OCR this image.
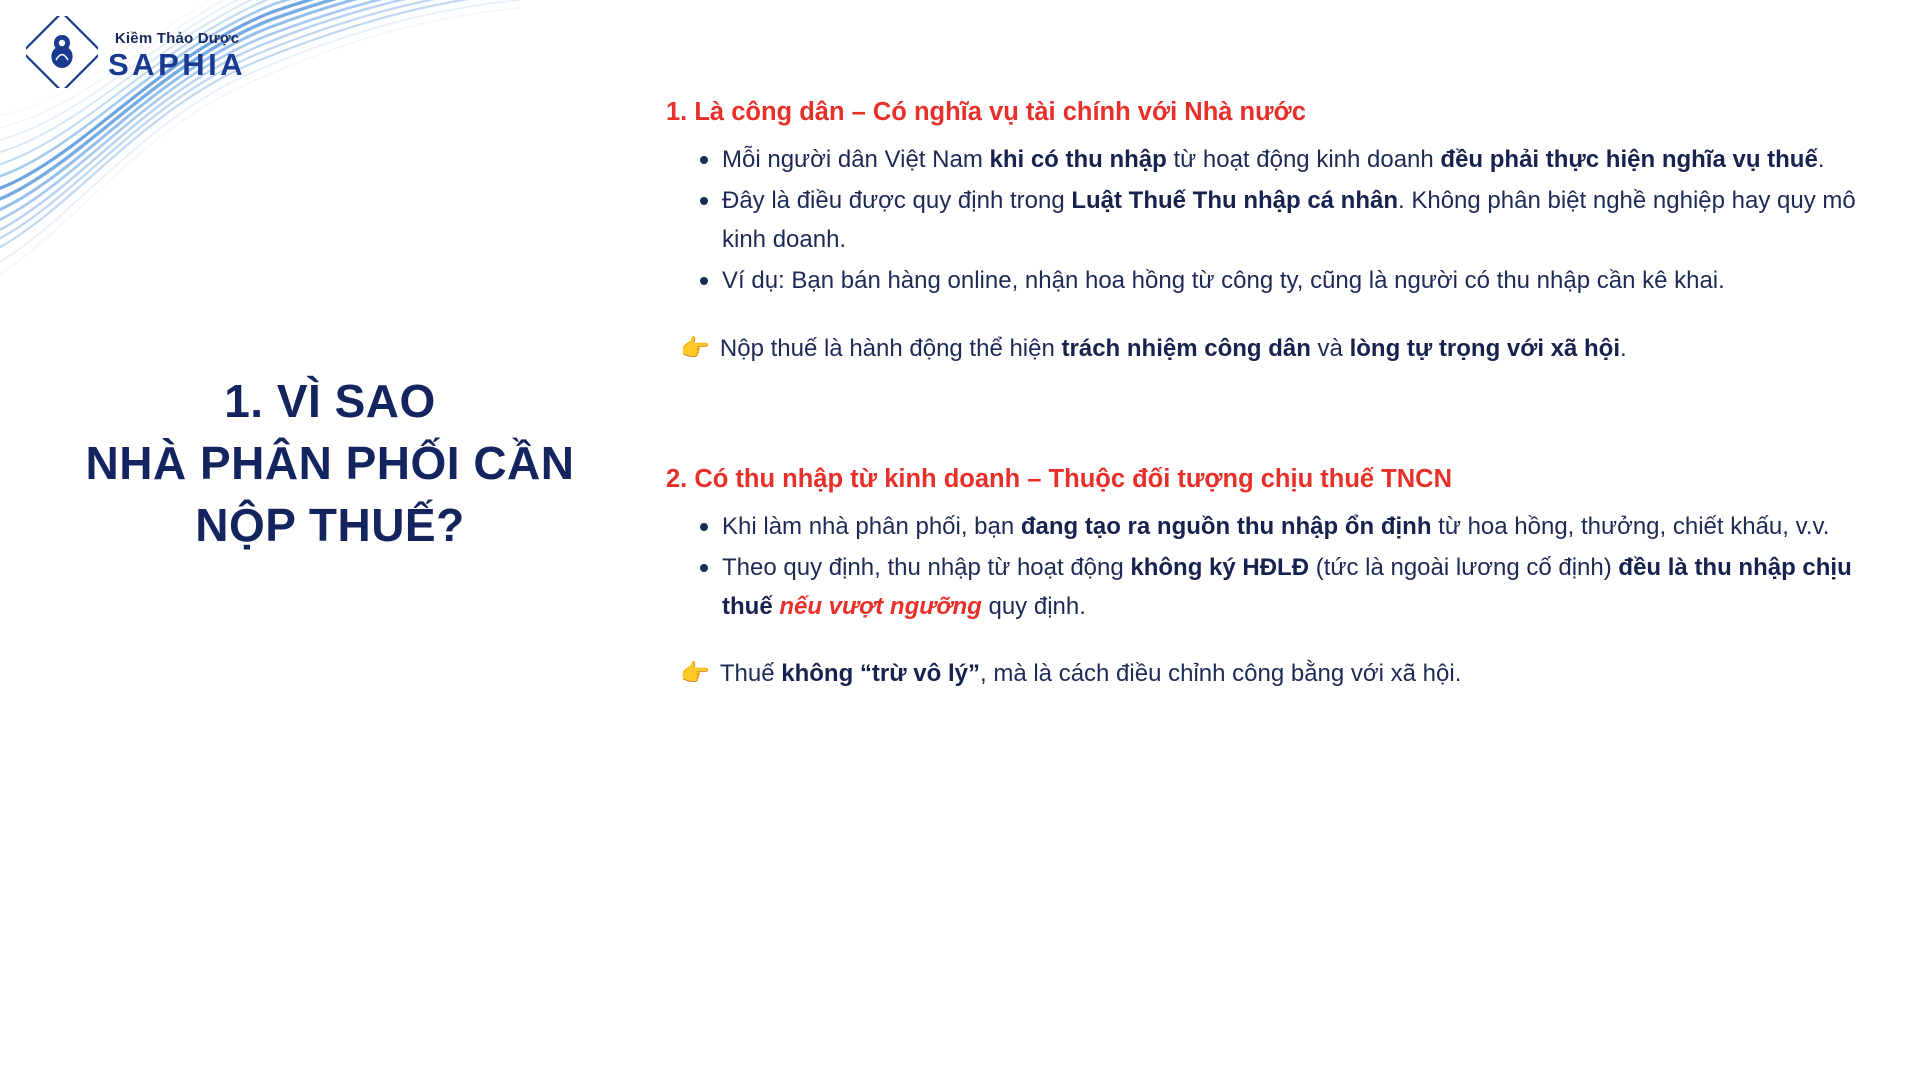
Kiềm Thảo Dược
SAPHIA
1. VÌ SAO
NHÀ PHÂN PHỐI CẦN
NỘP THUẾ?
1. Là công dân – Có nghĩa vụ tài chính với Nhà nước
Mỗi người dân Việt Nam khi có thu nhập từ hoạt động kinh doanh đều phải thực hiện nghĩa vụ thuế.
Đây là điều được quy định trong Luật Thuế Thu nhập cá nhân. Không phân biệt nghề nghiệp hay quy mô kinh doanh.
Ví dụ: Bạn bán hàng online, nhận hoa hồng từ công ty, cũng là người có thu nhập cần kê khai.
👉 Nộp thuế là hành động thể hiện trách nhiệm công dân và lòng tự trọng với xã hội.
2. Có thu nhập từ kinh doanh – Thuộc đối tượng chịu thuế TNCN
Khi làm nhà phân phối, bạn đang tạo ra nguồn thu nhập ổn định từ hoa hồng, thưởng, chiết khấu, v.v.
Theo quy định, thu nhập từ hoạt động không ký HĐLĐ (tức là ngoài lương cố định) đều là thu nhập chịu thuế nếu vượt ngưỡng quy định.
👉 Thuế không “trừ vô lý”, mà là cách điều chỉnh công bằng với xã hội.
